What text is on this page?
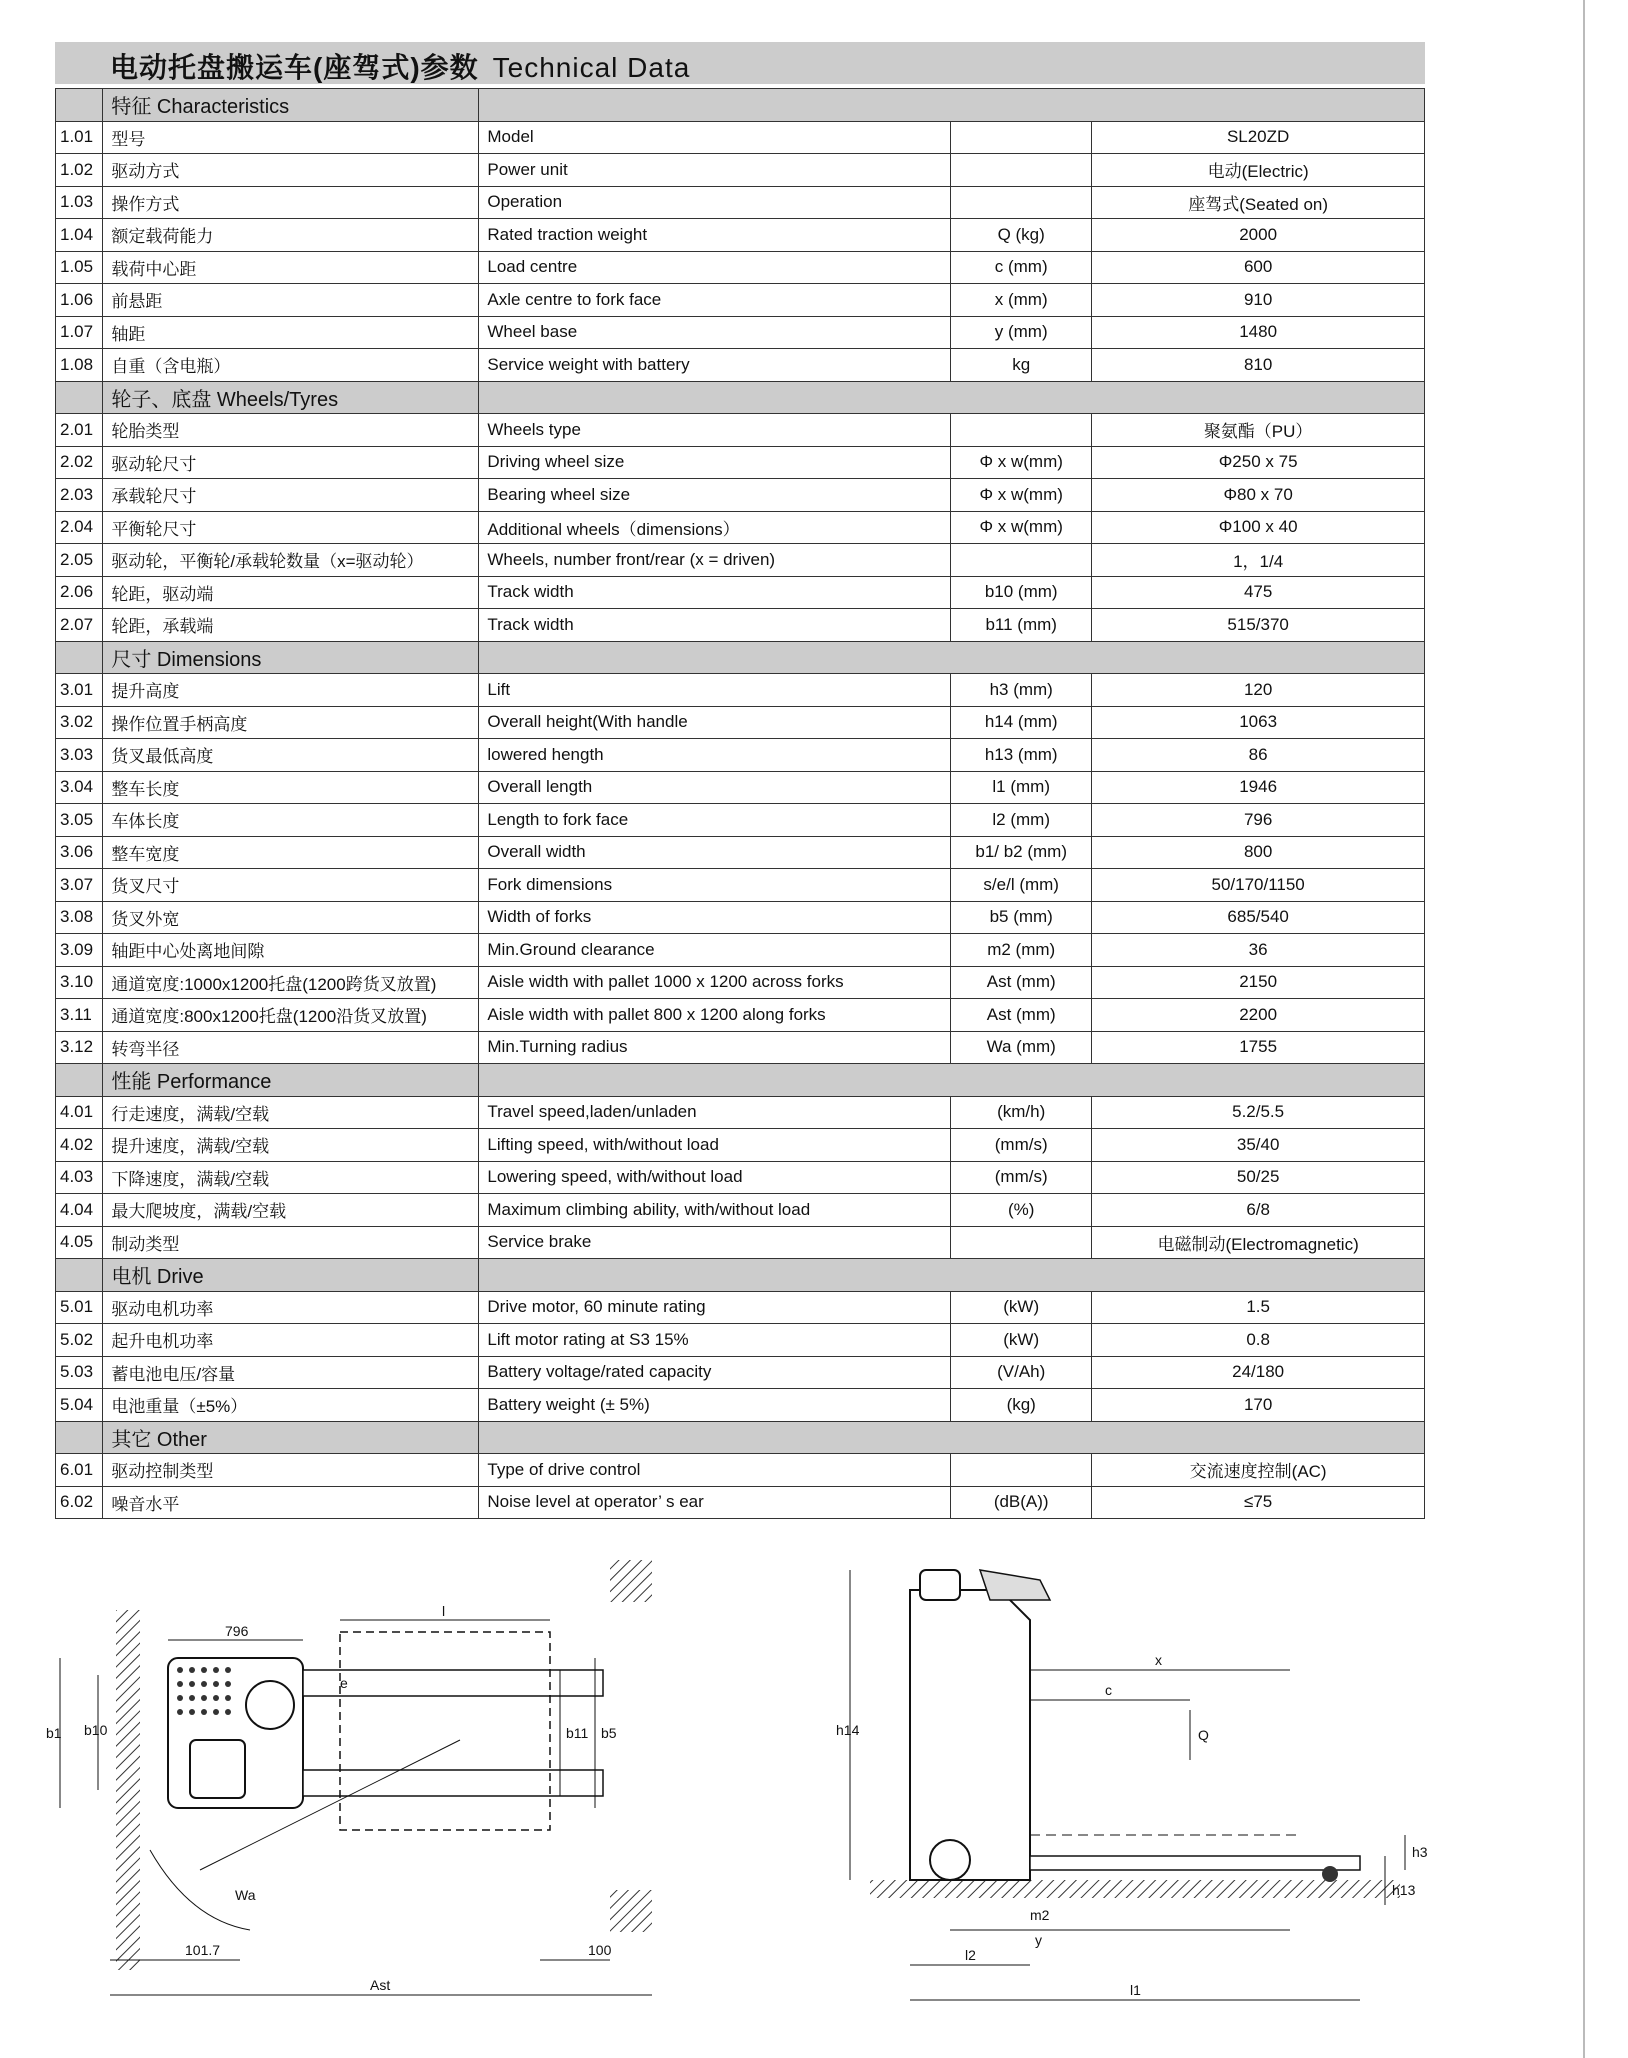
电动托盘搬运车(座驾式)参数 Technical Data
	特征 Characteristics			
1.01	型号	Model		SL20ZD
1.02	驱动方式	Power unit		电动(Electric)
1.03	操作方式	Operation		座驾式(Seated on)
1.04	额定载荷能力	Rated traction weight	Q (kg)	2000
1.05	载荷中心距	Load centre	c (mm)	600
1.06	前悬距	Axle centre to fork face	x (mm)	910
1.07	轴距	Wheel base	y (mm)	1480
1.08	自重（含电瓶）	Service weight with battery	kg	810
	轮子、底盘 Wheels/Tyres			
2.01	轮胎类型	Wheels type		聚氨酯（PU）
2.02	驱动轮尺寸	Driving wheel size	Φ x w(mm)	Φ250 x 75
2.03	承载轮尺寸	Bearing wheel size	Φ x w(mm)	Φ80 x 70
2.04	平衡轮尺寸	Additional wheels（dimensions）	Φ x w(mm)	Φ100 x 40
2.05	驱动轮，平衡轮/承载轮数量（x=驱动轮）	Wheels, number front/rear (x = driven)		1，1/4
2.06	轮距，驱动端	Track width	b10 (mm)	475
2.07	轮距，承载端	Track width	b11 (mm)	515/370
	尺寸 Dimensions			
3.01	提升高度	Lift	h3 (mm)	120
3.02	操作位置手柄高度	Overall height(With handle	h14 (mm)	1063
3.03	货叉最低高度	lowered hength	h13 (mm)	86
3.04	整车长度	Overall length	l1 (mm)	1946
3.05	车体长度	Length to fork face	l2 (mm)	796
3.06	整车宽度	Overall width	b1/ b2 (mm)	800
3.07	货叉尺寸	Fork dimensions	s/e/l (mm)	50/170/1150
3.08	货叉外宽	Width of forks	b5 (mm)	685/540
3.09	轴距中心处离地间隙	Min.Ground clearance	m2 (mm)	36
3.10	通道宽度:1000x1200托盘(1200跨货叉放置)	Aisle width with pallet 1000 x 1200 across forks	Ast (mm)	2150
3.11	通道宽度:800x1200托盘(1200沿货叉放置)	Aisle width with pallet 800 x 1200 along forks	Ast (mm)	2200
3.12	转弯半径	Min.Turning radius	Wa (mm)	1755
	性能 Performance			
4.01	行走速度，满载/空载	Travel speed,laden/unladen	(km/h)	5.2/5.5
4.02	提升速度，满载/空载	Lifting speed, with/without load	(mm/s)	35/40
4.03	下降速度，满载/空载	Lowering speed, with/without load	(mm/s)	50/25
4.04	最大爬坡度，满载/空载	Maximum climbing ability, with/without load	(%)	6/8
4.05	制动类型	Service brake		电磁制动(Electromagnetic)
	电机 Drive			
5.01	驱动电机功率	Drive motor, 60 minute rating	(kW)	1.5
5.02	起升电机功率	Lift motor rating at S3 15%	(kW)	0.8
5.03	蓄电池电压/容量	Battery voltage/rated capacity	(V/Ah)	24/180
5.04	电池重量（±5%）	Battery weight (± 5%)	(kg)	170
	其它 Other			
6.01	驱动控制类型	Type of drive control		交流速度控制(AC)
6.02	噪音水平	Noise level at operator’ s ear	(dB(A))	≤75
796
l
e
b1 b10	b11 b5
Wa
101.7	100
Ast
h14
x
c
Q
h3
h13
m2
y
l2
l1
